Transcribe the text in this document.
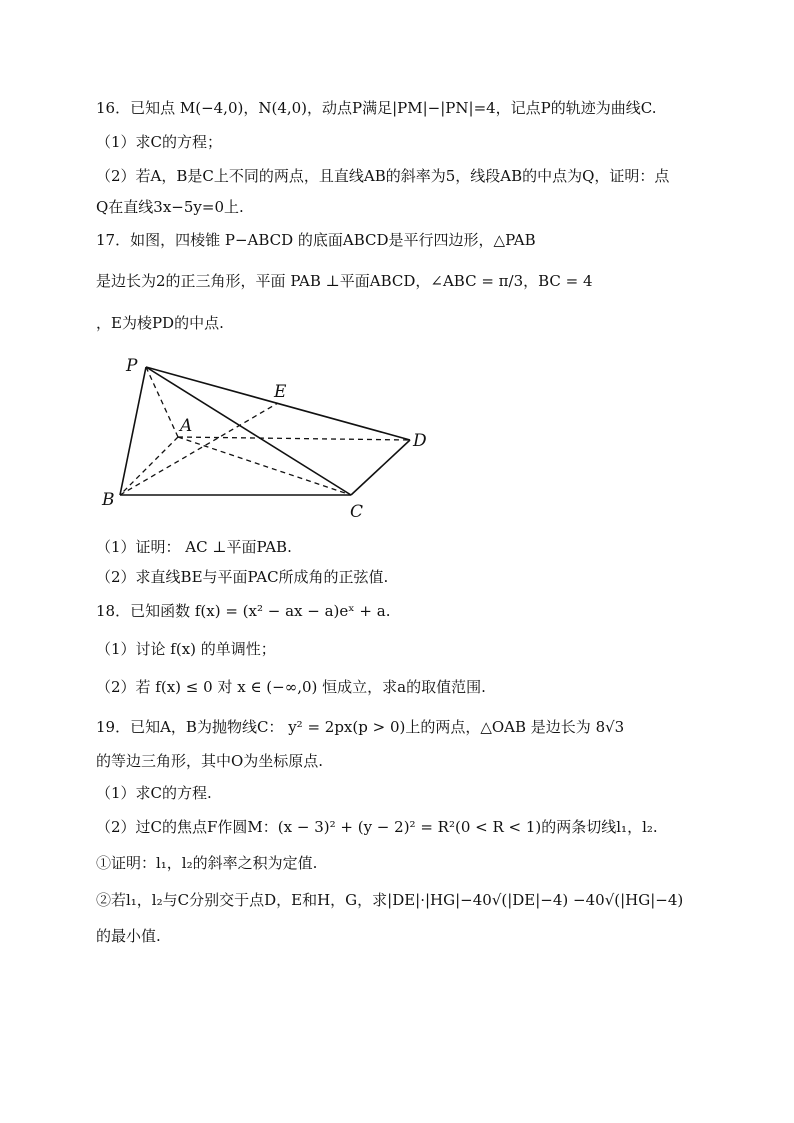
16．已知点 M(−4,0)，N(4,0)，动点P满足|PM|−|PN|=4，记点P的轨迹为曲线C.
（1）求C的方程；
（2）若A，B是C上不同的两点，且直线AB的斜率为5，线段AB的中点为Q，证明：点
Q在直线3x−5y=0上.
17．如图，四棱锥 P−ABCD 的底面ABCD是平行四边形，△PAB
是边长为2的正三角形，平面 PAB ⊥平面ABCD，∠ABC = π/3，BC = 4
，E为棱PD的中点.
P
E
A
D
B
C
（1）证明： AC ⊥平面PAB.
（2）求直线BE与平面PAC所成角的正弦值.
18．已知函数 f(x) = (x² − ax − a)eˣ + a.
（1）讨论 f(x) 的单调性；
（2）若 f(x) ≤ 0 对 x ∈ (−∞,0) 恒成立，求a的取值范围.
19．已知A，B为抛物线C： y² = 2px(p > 0)上的两点，△OAB 是边长为 8√3
的等边三角形，其中O为坐标原点.
（1）求C的方程.
（2）过C的焦点F作圆M：(x − 3)² + (y − 2)² = R²(0 < R < 1)的两条切线l₁，l₂.
①证明：l₁，l₂的斜率之积为定值.
②若l₁，l₂与C分别交于点D，E和H，G，求|DE|·|HG|−40√(|DE|−4) −40√(|HG|−4)
的最小值.
